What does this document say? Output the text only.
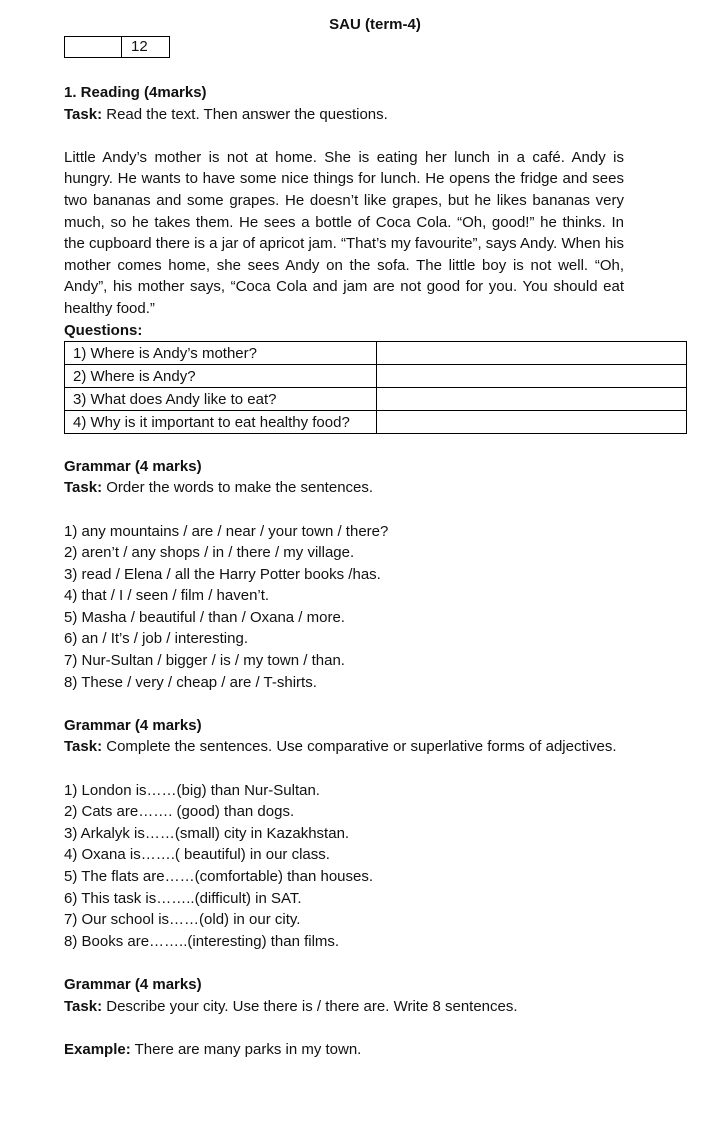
SAU (term-4)
12

1. Reading (4marks)

Task: Read the text. Then answer the questions.

Little Andy’s mother is not at home. She is eating her lunch in a café. Andy is hungry. He wants to have some nice things for lunch. He opens the fridge and sees two bananas and some grapes. He doesn’t like grapes, but he likes bananas very much, so he takes them. He sees a bottle of Coca Cola. “Oh, good!” he thinks. In the cupboard there is a jar of apricot jam. “That’s my favourite”, says Andy. When his mother comes home, she sees Andy on the sofa. The little boy is not well. “Oh, Andy”, his mother says, “Coca Cola and jam are not good for you. You should eat healthy food.”

Questions:

1) Where is Andy’s mother?	
2) Where is Andy?	
3) What does Andy like to eat?	
4) Why is it important to eat healthy food?	

Grammar (4 marks)

Task: Order the words to make the sentences.

1) any mountains / are / near / your town / there?

2) aren’t / any shops / in / there / my village.

3) read / Elena / all the Harry Potter books /has.

4) that / I / seen / film / haven’t.

5) Masha / beautiful / than / Oxana / more.

6) an / It’s / job / interesting.

7) Nur-Sultan / bigger / is / my town / than.

8) These / very / cheap / are / T-shirts.

Grammar (4 marks)

Task: Complete the sentences. Use comparative or superlative forms of adjectives.

1) London is……(big) than Nur-Sultan.

2) Cats are……. (good) than dogs.

3) Arkalyk is……(small) city in Kazakhstan.

4) Oxana is…….( beautiful) in our class.

5) The flats are……(comfortable) than houses.

6) This task is……..(difficult) in SAT.

7) Our school is……(old) in our city.

8) Books are……..(interesting) than films.

Grammar (4 marks)

Task: Describe your city. Use there is / there are. Write 8 sentences.

Example: There are many parks in my town.
